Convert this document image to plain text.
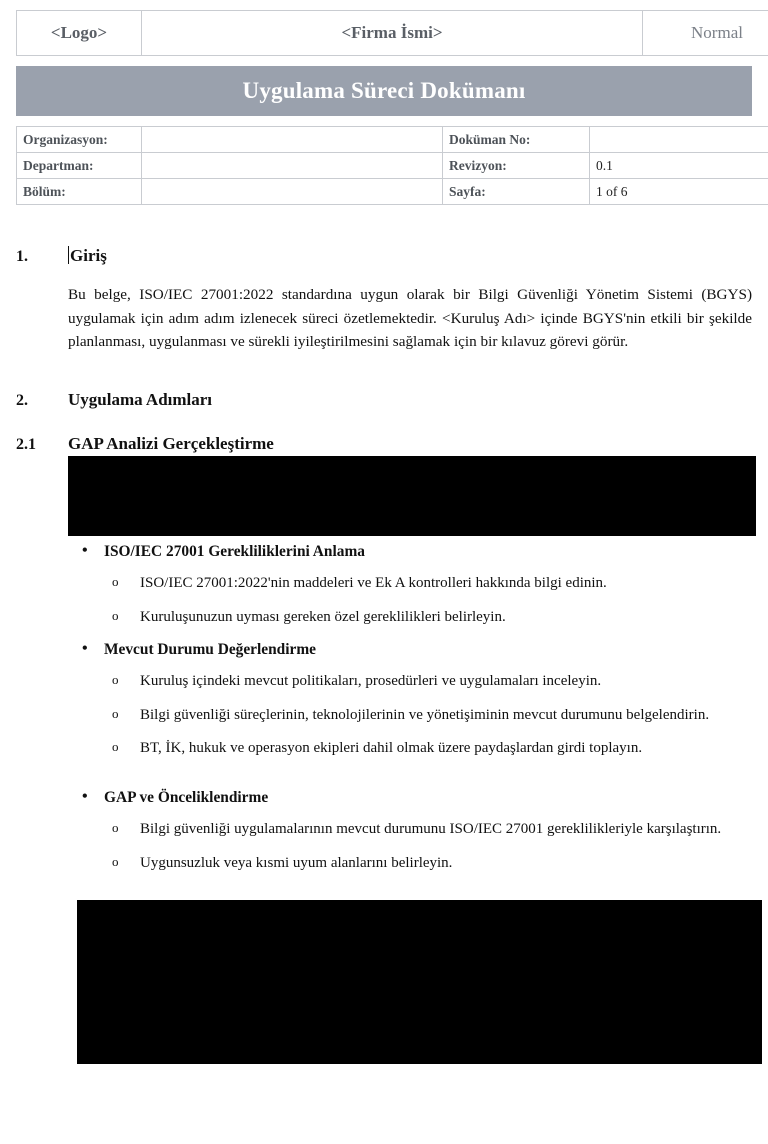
<Logo>	<Firma İsmi>	Normal
Uygulama Süreci Dokümanı
Organizasyon:		Doküman No:	
Departman:		Revizyon:	0.1
Bölüm:		Sayfa:	1 of 6
1.	Giriş
Bu belge, ISO/IEC 27001:2022 standardına uygun olarak bir Bilgi Güvenliği Yönetim Sistemi (BGYS) uygulamak için adım adım izlenecek süreci özetlemektedir. <Kuruluş Adı> içinde BGYS'nin etkili bir şekilde planlanması, uygulanması ve sürekli iyileştirilmesini sağlamak için bir kılavuz görevi görür.
2.	Uygulama Adımları
2.1	GAP Analizi Gerçekleştirme
• ISO/IEC 27001 Gerekliliklerini Anlama
o ISO/IEC 27001:2022'nin maddeleri ve Ek A kontrolleri hakkında bilgi edinin.
o Kuruluşunuzun uyması gereken özel gereklilikleri belirleyin.
• Mevcut Durumu Değerlendirme
o Kuruluş içindeki mevcut politikaları, prosedürleri ve uygulamaları inceleyin.
o Bilgi güvenliği süreçlerinin, teknolojilerinin ve yönetişiminin mevcut durumunu belgelendirin.
o BT, İK, hukuk ve operasyon ekipleri dahil olmak üzere paydaşlardan girdi toplayın.
• GAP ve Önceliklendirme
o Bilgi güvenliği uygulamalarının mevcut durumunu ISO/IEC 27001 gereklilikleriyle karşılaştırın.
o Uygunsuzluk veya kısmi uyum alanlarını belirleyin.
